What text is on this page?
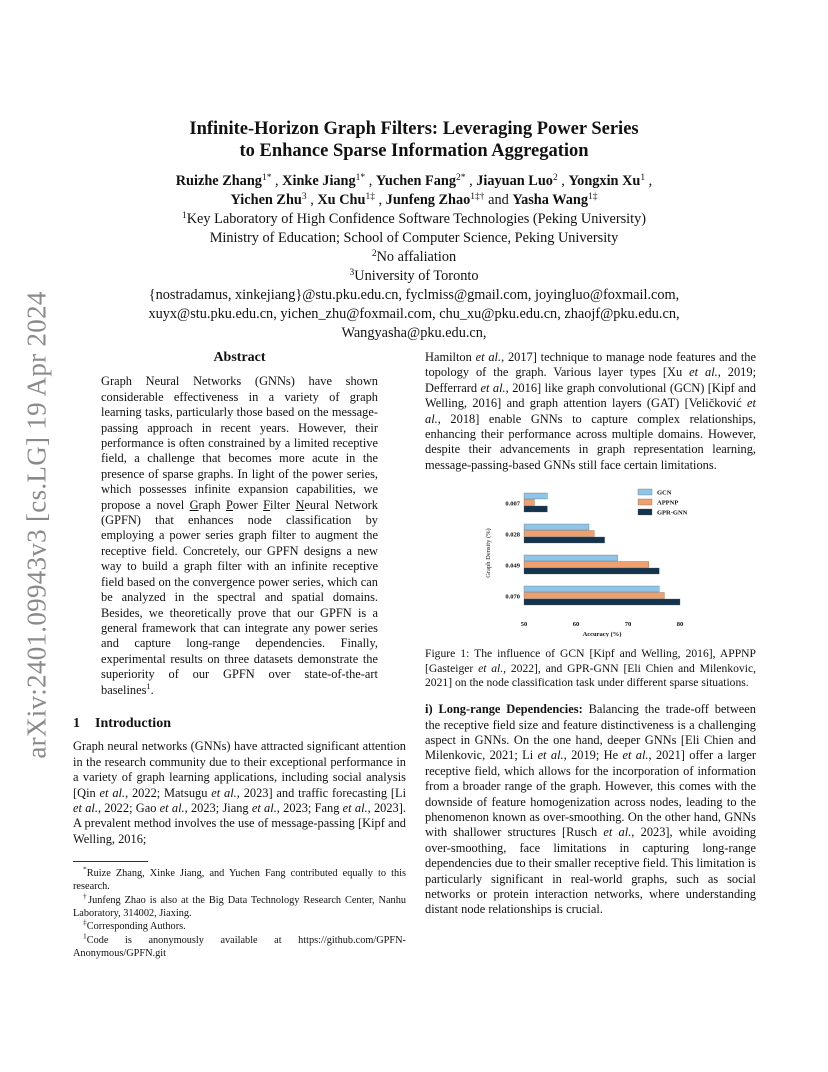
arXiv:2401.09943v3 [cs.LG] 19 Apr 2024
Infinite-Horizon Graph Filters: Leveraging Power Series
to Enhance Sparse Information Aggregation
Ruizhe Zhang$^{1*}$ , Xinke Jiang$^{1*}$ , Yuchen Fang$^{2*}$ , Jiayuan Luo$^2$ , Yongxin Xu$^1$ ,
Yichen Zhu$^3$ , Xu Chu$^{1\ddagger}$ , Junfeng Zhao$^{1\ddagger\dagger}$ and Yasha Wang$^{1\ddagger}$
$^1$Key Laboratory of High Confidence Software Technologies (Peking University)
Ministry of Education; School of Computer Science, Peking University
$^2$No affaliation
$^3$University of Toronto
{nostradamus, xinkejiang}@stu.pku.edu.cn, fyclmiss@gmail.com, joyingluo@foxmail.com,
xuyx@stu.pku.edu.cn, yichen_zhu@foxmail.com, chu_xu@pku.edu.cn, zhaojf@pku.edu.cn,
Wangyasha@pku.edu.cn,
Abstract

Graph Neural Networks (GNNs) have shown considerable effectiveness in a variety of graph learning tasks, particularly those based on the message-passing approach in recent years. However, their performance is often constrained by a limited receptive field, a challenge that becomes more acute in the presence of sparse graphs. In light of the power series, which possesses infinite expansion capabilities, we propose a novel Graph Power Filter Neural Network (GPFN) that enhances node classification by employing a power series graph filter to augment the receptive field. Concretely, our GPFN designs a new way to build a graph filter with an infinite receptive field based on the convergence power series, which can be analyzed in the spectral and spatial domains. Besides, we theoretically prove that our GPFN is a general framework that can integrate any power series and capture long-range dependencies. Finally, experimental results on three datasets demonstrate the superiority of our GPFN over state-of-the-art baselines$^1$.

1 Introduction

Graph neural networks (GNNs) have attracted significant attention in the research community due to their exceptional performance in a variety of graph learning applications, including social analysis [Qin et al., 2022; Matsugu et al., 2023] and traffic forecasting [Li et al., 2022; Gao et al., 2023; Jiang et al., 2023; Fang et al., 2023]. A prevalent method involves the use of message-passing [Kipf and Welling, 2016;

*Ruize Zhang, Xinke Jiang, and Yuchen Fang contributed equally to this research.
†Junfeng Zhao is also at the Big Data Technology Research Center, Nanhu Laboratory, 314002, Jiaxing.
‡Corresponding Authors.
$^1$Code is anonymously available at https://github.com/GPFN-Anonymous/GPFN.git

Hamilton et al., 2017] technique to manage node features and the topology of the graph. Various layer types [Xu et al., 2019; Defferrard et al., 2016] like graph convolutional (GCN) [Kipf and Welling, 2016] and graph attention layers (GAT) [Veličković et al., 2018] enable GNNs to capture complex relationships, enhancing their performance across multiple domains. However, despite their advancements in graph representation learning, message-passing-based GNNs still face certain limitations.

0.007
0.028
0.049
0.070
50	60	70	80
Accuracy (%)
Graph Density (%)
GCN
APPNP
GPR-GNN

Figure 1: The influence of GCN [Kipf and Welling, 2016], APPNP [Gasteiger et al., 2022], and GPR-GNN [Eli Chien and Milenkovic, 2021] on the node classification task under different sparse situations.

i) Long-range Dependencies: Balancing the trade-off between the receptive field size and feature distinctiveness is a challenging aspect in GNNs. On the one hand, deeper GNNs [Eli Chien and Milenkovic, 2021; Li et al., 2019; He et al., 2021] offer a larger receptive field, which allows for the incorporation of information from a broader range of the graph. However, this comes with the downside of feature homogenization across nodes, leading to the phenomenon known as over-smoothing. On the other hand, GNNs with shallower structures [Rusch et al., 2023], while avoiding over-smoothing, face limitations in capturing long-range dependencies due to their smaller receptive field. This limitation is particularly significant in real-world graphs, such as social networks or protein interaction networks, where understanding distant node relationships is crucial.
